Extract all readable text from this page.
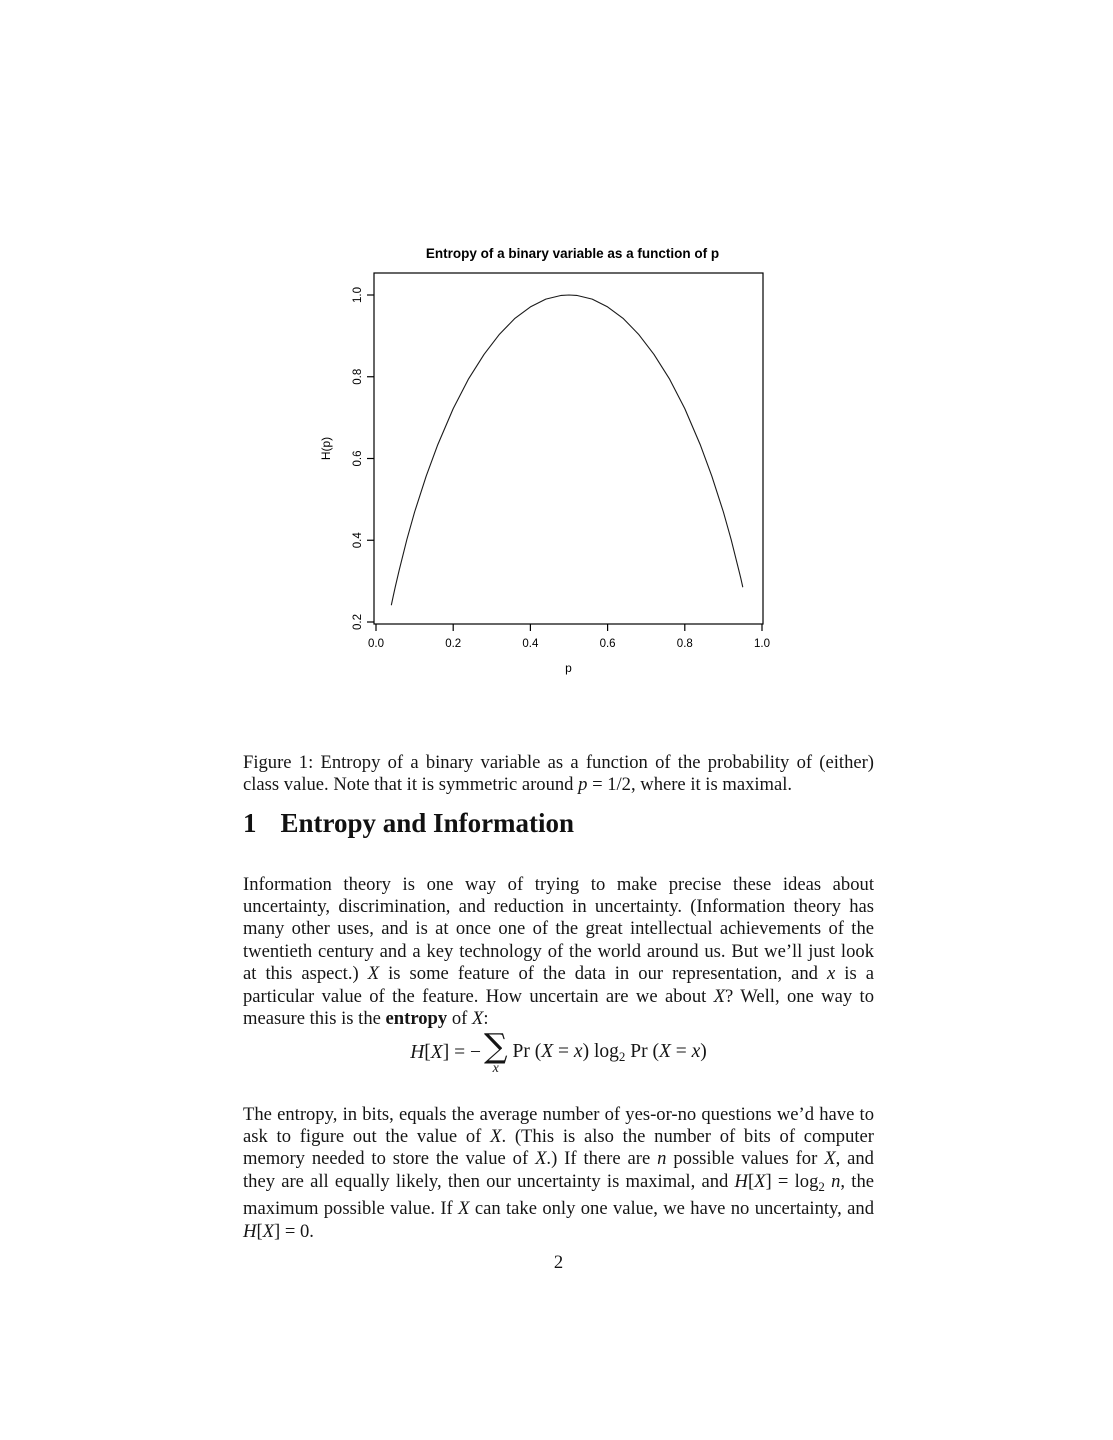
0.0	0.2	0.4	0.6	0.8	1.0
0.2
0.4
0.6
0.8
1.0
Entropy of a binary variable as a function of p
p
H(p)

Figure 1: Entropy of a binary variable as a function of the probability of (either) class value. Note that it is symmetric around p = 1/2, where it is maximal.

1 Entropy and Information

Information theory is one way of trying to make precise these ideas about uncertainty, discrimination, and reduction in uncertainty. (Information theory has many other uses, and is at once one of the great intellectual achievements of the twentieth century and a key technology of the world around us. But we’ll just look at this aspect.) X is some feature of the data in our representation, and x is a particular value of the feature. How uncertain are we about X? Well, one way to measure this is the entropy of X:

H[X] = − ∑
x
Pr (X = x) $\log_2 Pr$ (X = x)

The entropy, in bits, equals the average number of yes-or-no questions we’d have to ask to figure out the value of X. (This is also the number of bits of computer memory needed to store the value of X.) If there are n possible values for X, and they are all equally likely, then our uncertainty is maximal, and $H[X] = \log_2 n$, the maximum possible value. If X can take only one value, we have no uncertainty, and H[X] = 0.

2
